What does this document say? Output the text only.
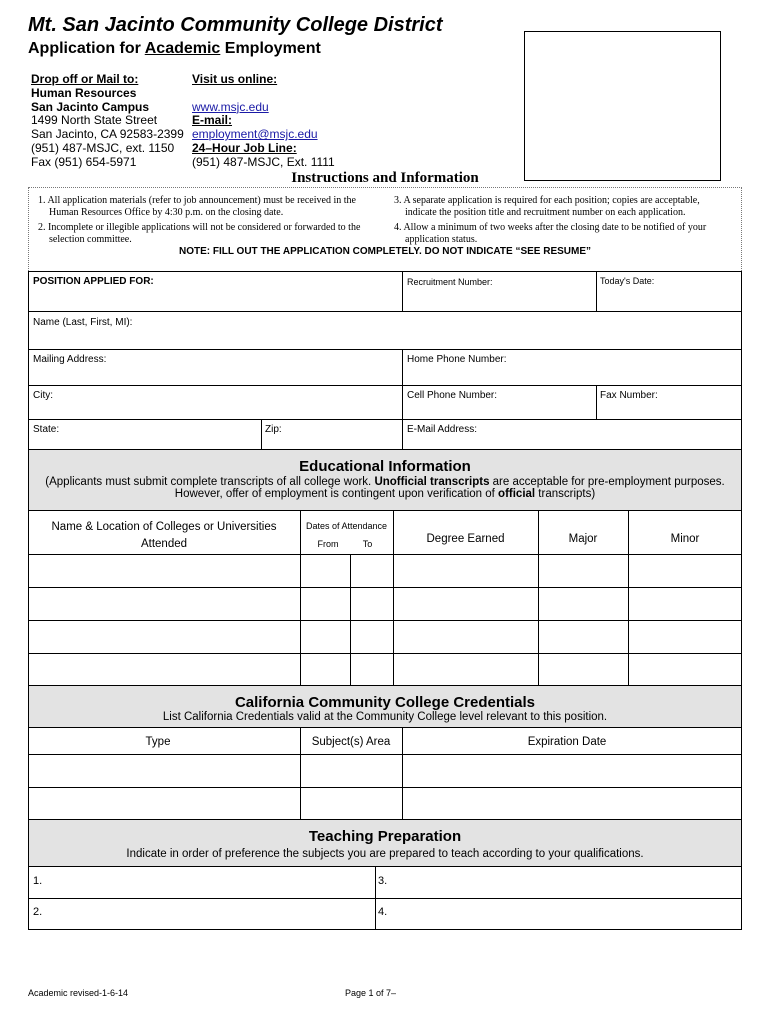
Mt. San Jacinto Community College District
Application for Academic Employment
Drop off or Mail to:
Human Resources
San Jacinto Campus
1499 North State Street
San Jacinto, CA 92583-2399
(951) 487-MSJC, ext. 1150
Fax (951) 654-5971
Visit us online:

www.msjc.edu
E-mail:
employment@msjc.edu
24–Hour Job Line:
(951) 487-MSJC, Ext. 1111
Instructions and Information
1. All application materials (refer to job announcement) must be received in the Human Resources Office by 4:30 p.m. on the closing date.
2. Incomplete or illegible applications will not be considered or forwarded to the selection committee.
3. A separate application is required for each position; copies are acceptable, indicate the position title and recruitment number on each application.
4. Allow a minimum of two weeks after the closing date to be notified of your application status.
NOTE: FILL OUT THE APPLICATION COMPLETELY. DO NOT INDICATE “SEE RESUME”
POSITION APPLIED FOR:	Recruitment Number:	Today's Date:
Name (Last, First, MI):
Mailing Address:	Home Phone Number:
City:	Cell Phone Number:	Fax Number:
State:	Zip:	E-Mail Address:
Educational Information
(Applicants must submit complete transcripts of all college work. Unofficial transcripts are acceptable for pre-employment purposes.
However, offer of employment is contingent upon verification of official transcripts)
Name & Location of Colleges or Universities
Attended
Dates of Attendance
From	To	Degree Earned	Major	Minor
California Community College Credentials
List California Credentials valid at the Community College level relevant to this position.
Type	Subject(s) Area	Expiration Date
Teaching Preparation
Indicate in order of preference the subjects you are prepared to teach according to your qualifications.
1.	3.
2.	4.
Academic revised-1-6-14	Page 1 of 7–
